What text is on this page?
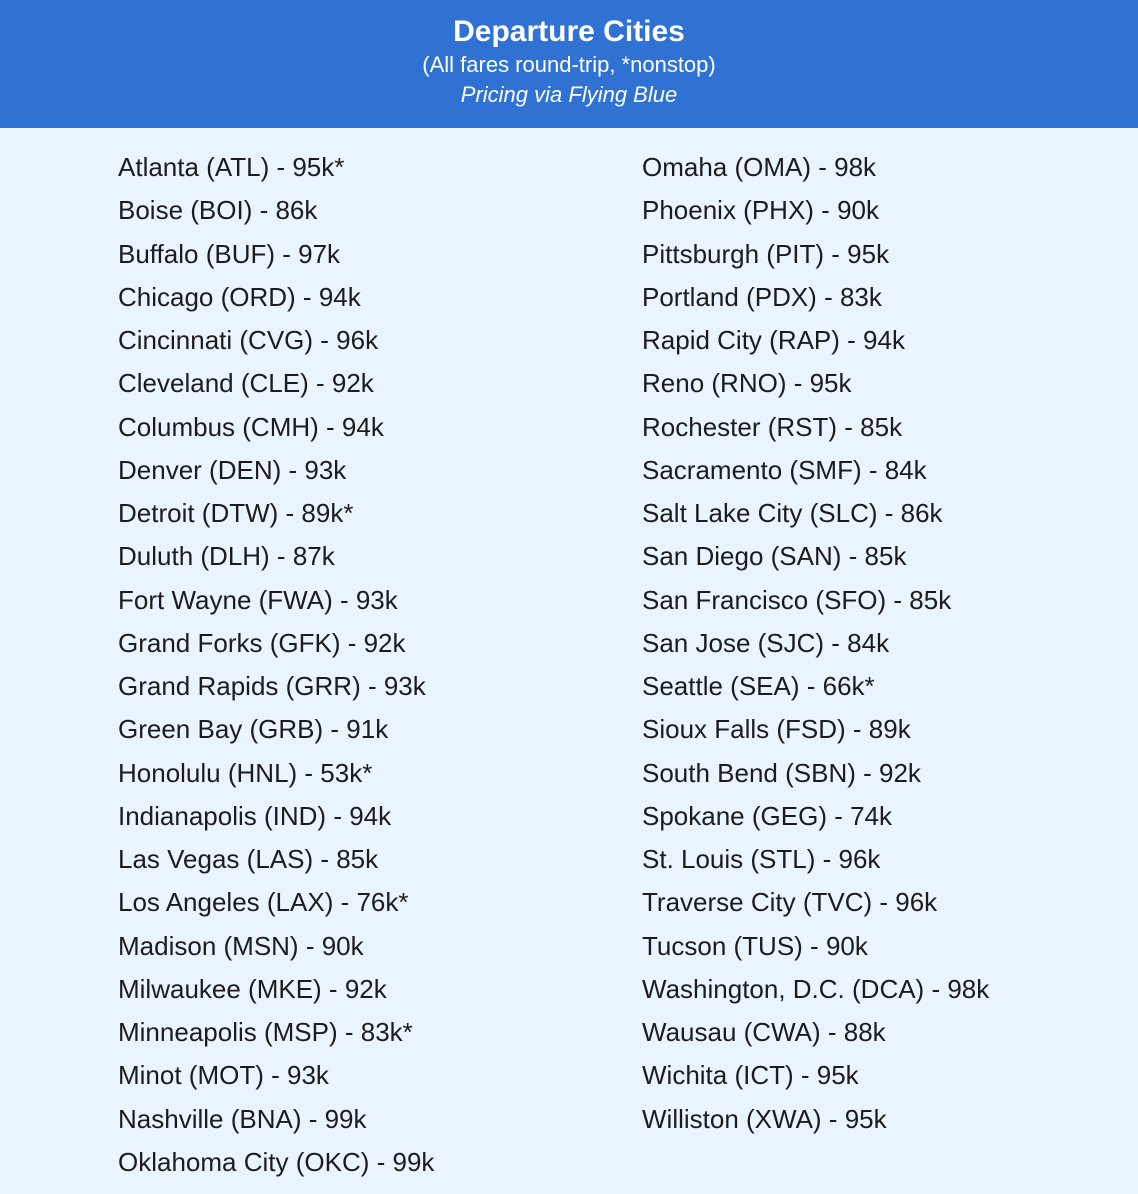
Departure Cities
(All fares round-trip, *nonstop)
Pricing via Flying Blue
Atlanta (ATL) - 95k*
Boise (BOI) - 86k
Buffalo (BUF) - 97k
Chicago (ORD) - 94k
Cincinnati (CVG) - 96k
Cleveland (CLE) - 92k
Columbus (CMH) - 94k
Denver (DEN) - 93k
Detroit (DTW) - 89k*
Duluth (DLH) - 87k
Fort Wayne (FWA) - 93k
Grand Forks (GFK) - 92k
Grand Rapids (GRR) - 93k
Green Bay (GRB) - 91k
Honolulu (HNL) - 53k*
Indianapolis (IND) - 94k
Las Vegas (LAS) - 85k
Los Angeles (LAX) - 76k*
Madison (MSN) - 90k
Milwaukee (MKE) - 92k
Minneapolis (MSP) - 83k*
Minot (MOT) - 93k
Nashville (BNA) - 99k
Oklahoma City (OKC) - 99k
Omaha (OMA) - 98k
Phoenix (PHX) - 90k
Pittsburgh (PIT) - 95k
Portland (PDX) - 83k
Rapid City (RAP) - 94k
Reno (RNO) - 95k
Rochester (RST) - 85k
Sacramento (SMF) - 84k
Salt Lake City (SLC) - 86k
San Diego (SAN) - 85k
San Francisco (SFO) - 85k
San Jose (SJC) - 84k
Seattle (SEA) - 66k*
Sioux Falls (FSD) - 89k
South Bend (SBN) - 92k
Spokane (GEG) - 74k
St. Louis (STL) - 96k
Traverse City (TVC) - 96k
Tucson (TUS) - 90k
Washington, D.C. (DCA) - 98k
Wausau (CWA) - 88k
Wichita (ICT) - 95k
Williston (XWA) - 95k
